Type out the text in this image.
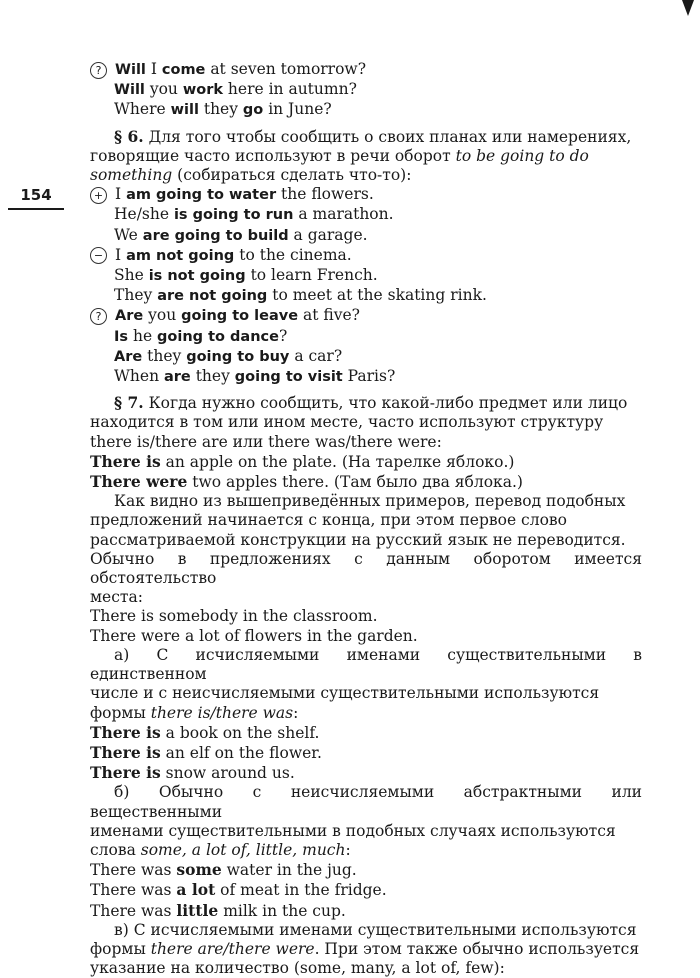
154
? Will I come at seven tomorrow?
Will you work here in autumn?
Where will they go in June?

§ 6. Для того чтобы сообщить о своих планах или намерениях,

говорящие часто используют в речи оборот to be going to do

something (собираться сделать что-то):

+ I am going to water the flowers.
He/she is going to run a marathon.
We are going to build a garage.
− I am not going to the cinema.
She is not going to learn French.
They are not going to meet at the skating rink.
? Are you going to leave at five?
Is he going to dance?
Are they going to buy a car?
When are they going to visit Paris?

§ 7. Когда нужно сообщить, что какой-либо предмет или лицо

находится в том или ином месте, часто используют структуру

there is/there are или there was/there were:

There is an apple on the plate. (На тарелке яблоко.)
There were two apples there. (Там было два яблока.)

Как видно из вышеприведённых примеров, перевод подобных

предложений начинается с конца, при этом первое слово

рассматриваемой конструкции на русский язык не переводится.

Обычно в предложениях с данным оборотом имеется обстоятельство

места:

There is somebody in the classroom.
There were a lot of flowers in the garden.

а) С исчисляемыми именами существительными в единственном

числе и с неисчисляемыми существительными используются

формы there is/there was:

There is a book on the shelf.
There is an elf on the flower.
There is snow around us.

б) Обычно с неисчисляемыми абстрактными или вещественными

именами существительными в подобных случаях используются

слова some, a lot of, little, much:

There was some water in the jug.
There was a lot of meat in the fridge.
There was little milk in the cup.

в) С исчисляемыми именами существительными используются

формы there are/there were. При этом также обычно используется

указание на количество (some, many, a lot of, few):
